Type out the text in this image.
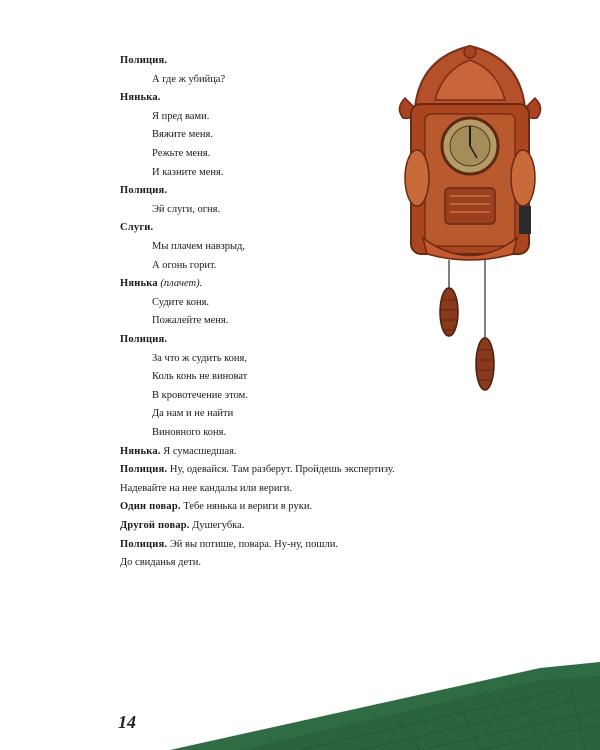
Полиция.
А где ж убийца?
Нянька.
Я пред вами.
Вяжите меня.
Режьте меня.
И казните меня.
Полиция.
Эй слуги, огня.
Слуги.
Мы плачем навзрыд,
А огонь горит.
Нянька (плачет).
Судите коня.
Пожалейте меня.
Полиция.
За что ж судить коня,
Коль конь не виноват
В кровотечение этом.
Да нам и не найти
Виновного коня.
Нянька. Я сумасшедшая.
Полиция. Ну, одевайся. Там разберут. Пройдешь экспертизу.
Надевайте на нее кандалы или вериги.
Один повар. Тебе нянька и вериги в руки.
Другой повар. Душегубка.
Полиция. Эй вы потише, повара. Ну-ну, пошли.
До свиданья дети.
14
